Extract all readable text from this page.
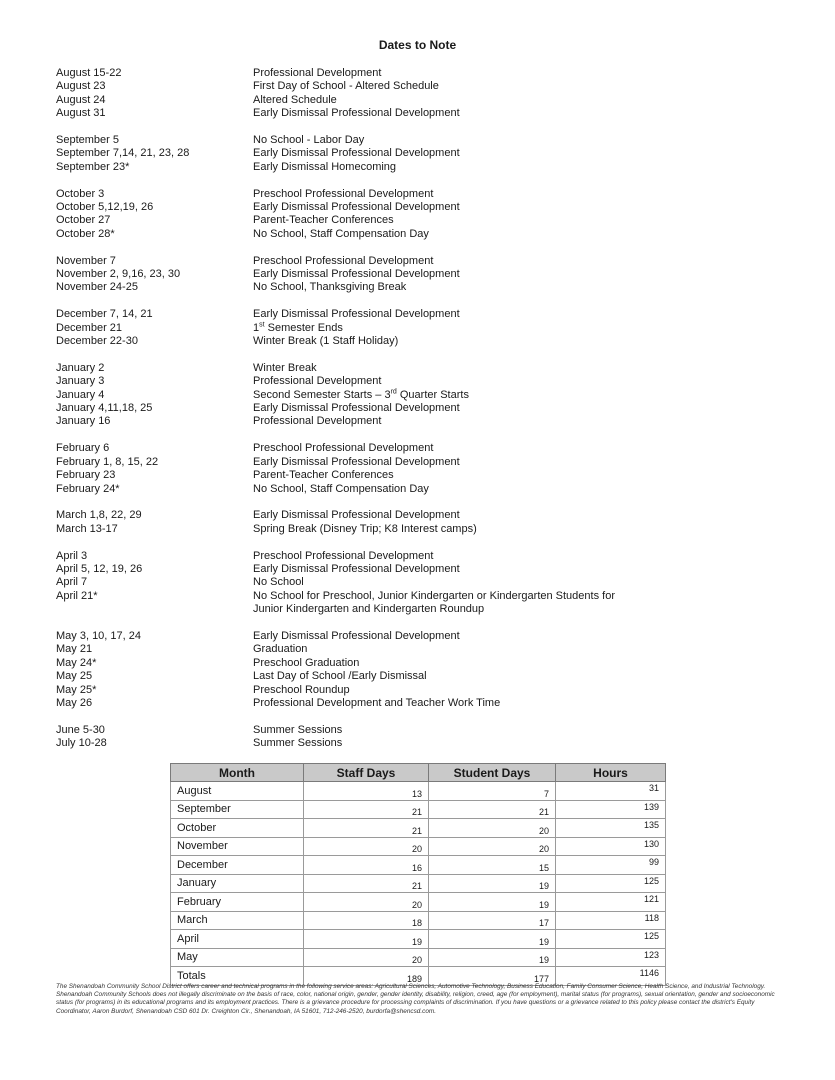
Dates to Note
August 15-22	Professional Development
August 23	First Day of School - Altered Schedule
August 24	Altered Schedule
August 31	Early Dismissal Professional Development
September 5	No School - Labor Day
September 7,14, 21, 23, 28	Early Dismissal Professional Development
September 23*	Early Dismissal Homecoming
October 3	Preschool Professional Development
October 5,12,19, 26	Early Dismissal Professional Development
October 27	Parent-Teacher Conferences
October 28*	No School, Staff Compensation Day
November 7	Preschool Professional Development
November 2, 9,16, 23, 30	Early Dismissal Professional Development
November 24-25	No School, Thanksgiving Break
December 7, 14, 21	Early Dismissal Professional Development
December 21	1st Semester Ends
December 22-30	Winter Break (1 Staff Holiday)
January 2	Winter Break
January 3	Professional Development
January 4	Second Semester Starts – 3rd Quarter Starts
January 4,11,18, 25	Early Dismissal Professional Development
January 16	Professional Development
February 6	Preschool Professional Development
February 1, 8, 15, 22	Early Dismissal Professional Development
February 23	Parent-Teacher Conferences
February 24*	No School, Staff Compensation Day
March 1,8, 22, 29	Early Dismissal Professional Development
March 13-17	Spring Break (Disney Trip; K8 Interest camps)
April 3	Preschool Professional Development
April 5, 12, 19, 26	Early Dismissal Professional Development
April 7	No School
April 21*	No School for Preschool, Junior Kindergarten or Kindergarten Students for
Junior Kindergarten and Kindergarten Roundup
May 3, 10, 17, 24	Early Dismissal Professional Development
May 21	Graduation
May 24*	Preschool Graduation
May 25	Last Day of School /Early Dismissal
May 25*	Preschool Roundup
May 26	Professional Development and Teacher Work Time
June 5-30	Summer Sessions
July 10-28	Summer Sessions
Month	Staff Days	Student Days	Hours
August	13	7	31
September	21	21	139
October	21	20	135
November	20	20	130
December	16	15	99
January	21	19	125
February	20	19	121
March	18	17	118
April	19	19	125
May	20	19	123
Totals	189	177	1146
The Shenandoah Community School District offers career and technical programs in the following service areas: Agricultural Sciences, Automotive Technology, Business Education, Family Consumer Science, Health Science, and Industrial Technology. Shenandoah Community Schools does not illegally discriminate on the basis of race, color, national origin, gender, gender identity, disability, religion, creed, age (for employment), marital status (for programs), sexual orientation, gender and socioeconomic status (for programs) in its educational programs and its employment practices. There is a grievance procedure for processing complaints of discrimination. If you have questions or a grievance related to this policy please contact the district's Equity Coordinator, Aaron Burdorf, Shenandoah CSD 601 Dr. Creighton Cir., Shenandoah, IA 51601, 712-246-2520, burdorfa@shencsd.com.
